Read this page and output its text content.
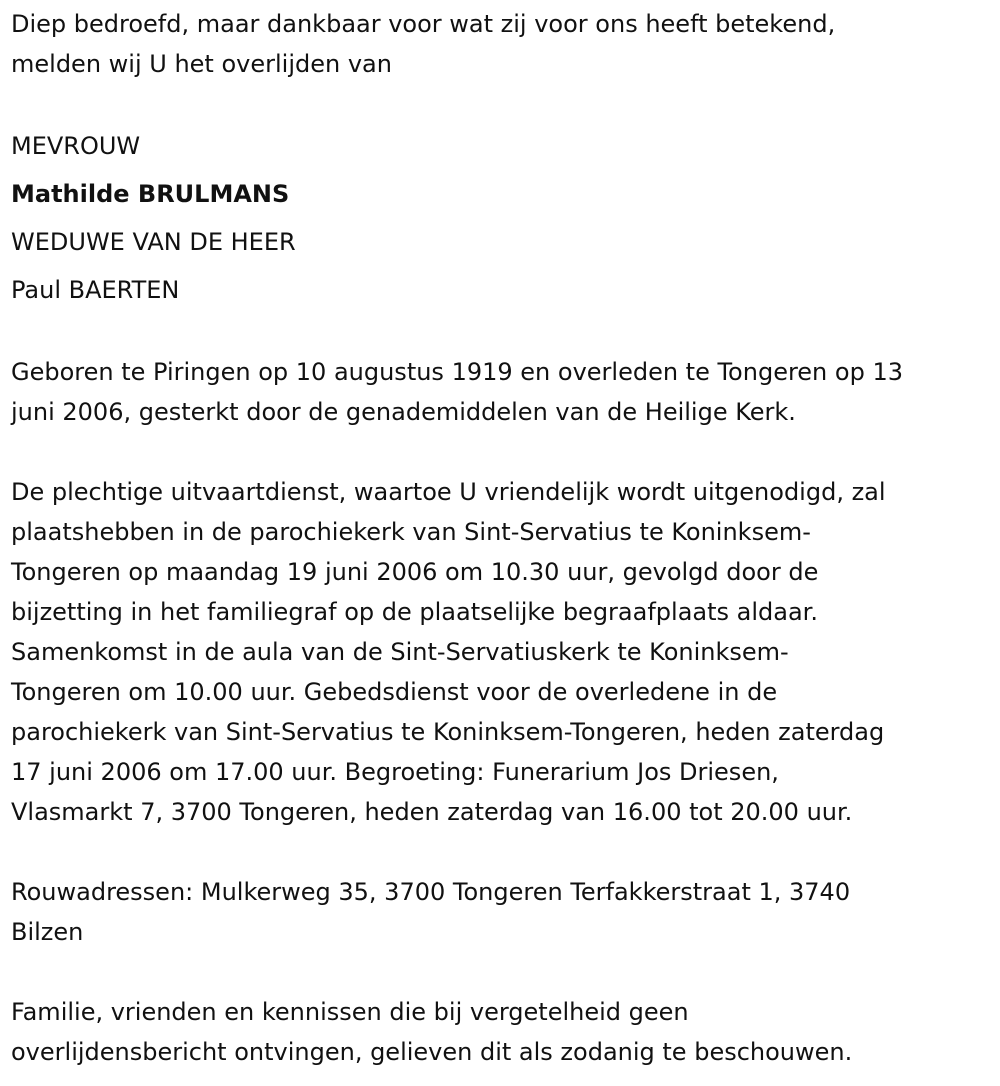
Diep bedroefd, maar dankbaar voor wat zij voor ons heeft betekend,
melden wij U het overlijden van

MEVROUW

Mathilde BRULMANS

WEDUWE VAN DE HEER

Paul BAERTEN

Geboren te Piringen op 10 augustus 1919 en overleden te Tongeren op 13
juni 2006, gesterkt door de genademiddelen van de Heilige Kerk.

De plechtige uitvaartdienst, waartoe U vriendelijk wordt uitgenodigd, zal
plaatshebben in de parochiekerk van Sint-Servatius te Koninksem-
Tongeren op maandag 19 juni 2006 om 10.30 uur, gevolgd door de
bijzetting in het familiegraf op de plaatselijke begraafplaats aldaar.
Samenkomst in de aula van de Sint-Servatiuskerk te Koninksem-
Tongeren om 10.00 uur. Gebedsdienst voor de overledene in de
parochiekerk van Sint-Servatius te Koninksem-Tongeren, heden zaterdag
17 juni 2006 om 17.00 uur. Begroeting: Funerarium Jos Driesen,
Vlasmarkt 7, 3700 Tongeren, heden zaterdag van 16.00 tot 20.00 uur.

Rouwadressen: Mulkerweg 35, 3700 Tongeren Terfakkerstraat 1, 3740
Bilzen

Familie, vrienden en kennissen die bij vergetelheid geen
overlijdensbericht ontvingen, gelieven dit als zodanig te beschouwen.
